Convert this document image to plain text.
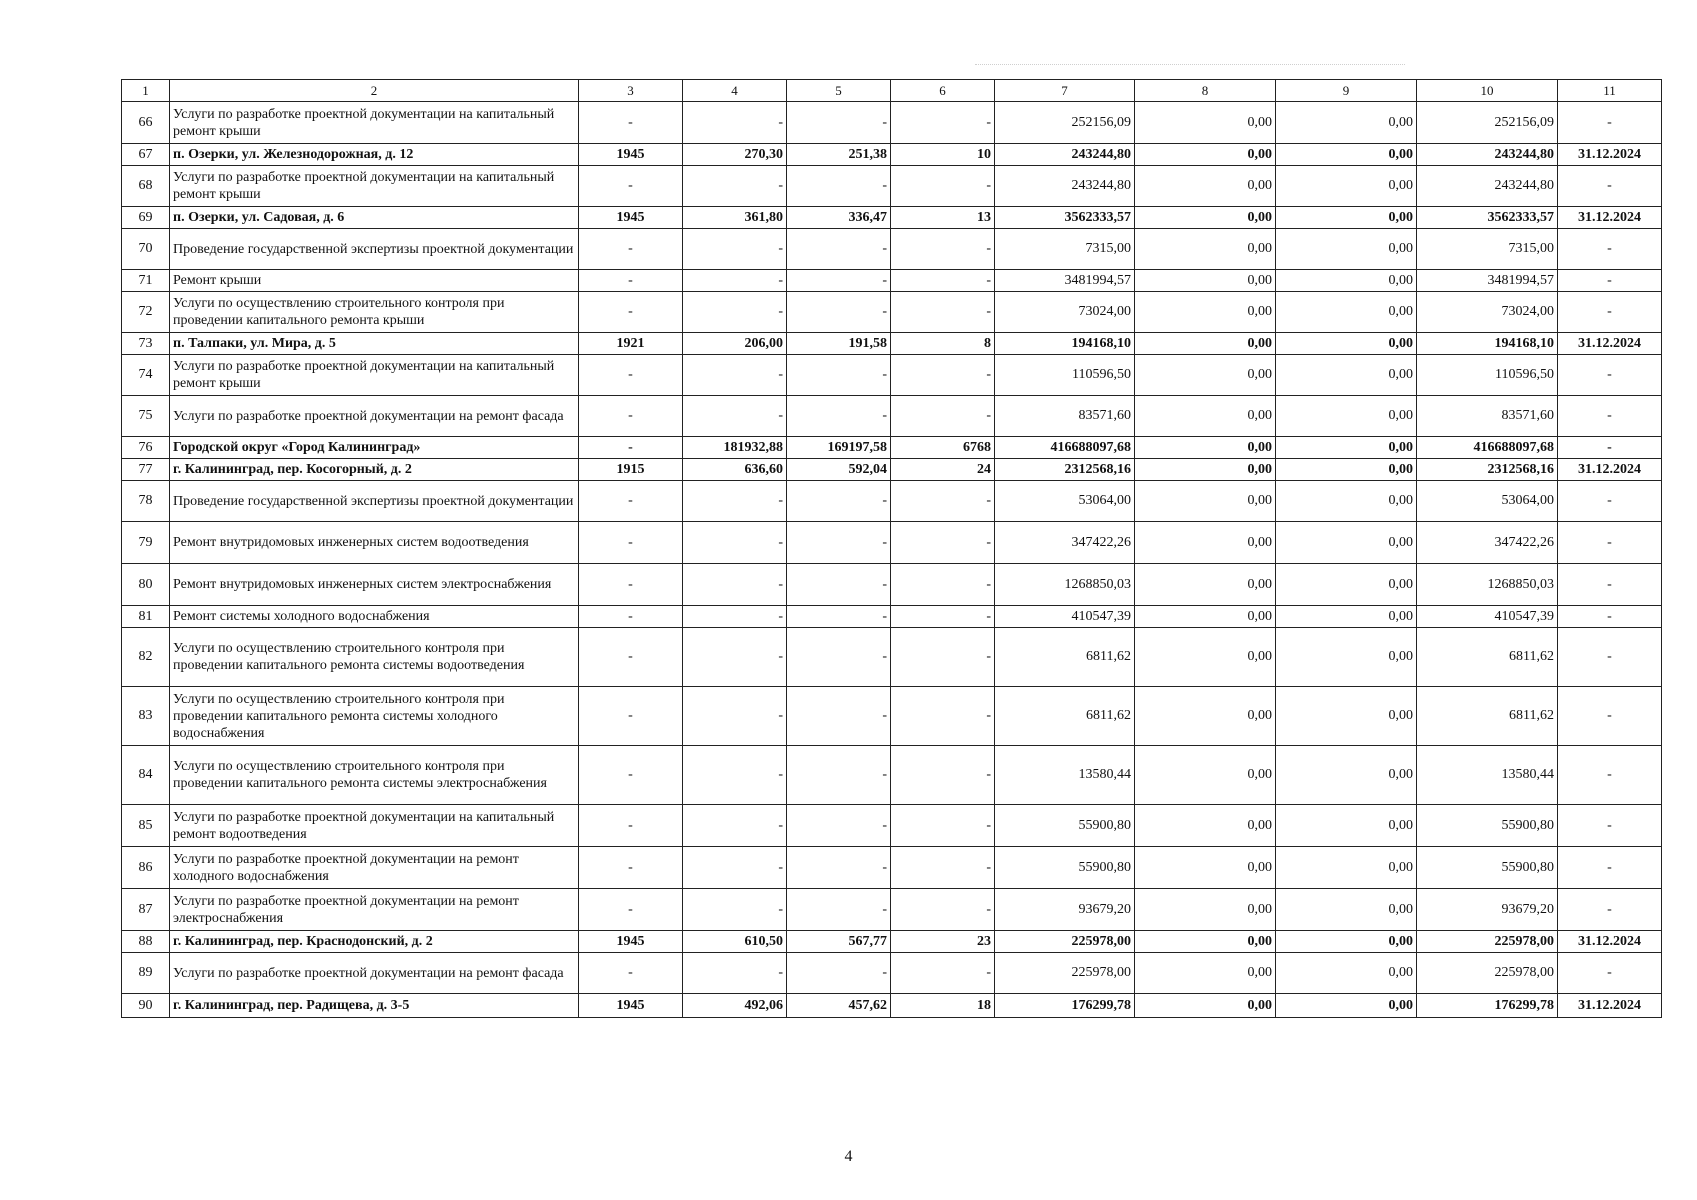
1	2	3	4	5	6	7	8	9	10	11
66	Услуги по разработке проектной документации на капитальный ремонт крыши	-	-	-	-	252156,09	0,00	0,00	252156,09	-
67	п. Озерки, ул. Железнодорожная, д. 12	1945	270,30	251,38	10	243244,80	0,00	0,00	243244,80	31.12.2024
68	Услуги по разработке проектной документации на капитальный ремонт крыши	-	-	-	-	243244,80	0,00	0,00	243244,80	-
69	п. Озерки, ул. Садовая, д. 6	1945	361,80	336,47	13	3562333,57	0,00	0,00	3562333,57	31.12.2024
70	Проведение государственной экспертизы проектной документации	-	-	-	-	7315,00	0,00	0,00	7315,00	-
71	Ремонт крыши	-	-	-	-	3481994,57	0,00	0,00	3481994,57	-
72	Услуги по осуществлению строительного контроля при проведении капитального ремонта крыши	-	-	-	-	73024,00	0,00	0,00	73024,00	-
73	п. Талпаки, ул. Мира, д. 5	1921	206,00	191,58	8	194168,10	0,00	0,00	194168,10	31.12.2024
74	Услуги по разработке проектной документации на капитальный ремонт крыши	-	-	-	-	110596,50	0,00	0,00	110596,50	-
75	Услуги по разработке проектной документации на ремонт фасада	-	-	-	-	83571,60	0,00	0,00	83571,60	-
76	Городской округ «Город Калининград»	-	181932,88	169197,58	6768	416688097,68	0,00	0,00	416688097,68	-
77	г. Калининград, пер. Косогорный, д. 2	1915	636,60	592,04	24	2312568,16	0,00	0,00	2312568,16	31.12.2024
78	Проведение государственной экспертизы проектной документации	-	-	-	-	53064,00	0,00	0,00	53064,00	-
79	Ремонт внутридомовых инженерных систем водоотведения	-	-	-	-	347422,26	0,00	0,00	347422,26	-
80	Ремонт внутридомовых инженерных систем электроснабжения	-	-	-	-	1268850,03	0,00	0,00	1268850,03	-
81	Ремонт системы холодного водоснабжения	-	-	-	-	410547,39	0,00	0,00	410547,39	-
82	Услуги по осуществлению строительного контроля при проведении капитального ремонта системы водоотведения	-	-	-	-	6811,62	0,00	0,00	6811,62	-
83	Услуги по осуществлению строительного контроля при проведении капитального ремонта системы холодного водоснабжения	-	-	-	-	6811,62	0,00	0,00	6811,62	-
84	Услуги по осуществлению строительного контроля при проведении капитального ремонта системы электроснабжения	-	-	-	-	13580,44	0,00	0,00	13580,44	-
85	Услуги по разработке проектной документации на капитальный ремонт водоотведения	-	-	-	-	55900,80	0,00	0,00	55900,80	-
86	Услуги по разработке проектной документации на ремонт холодного водоснабжения	-	-	-	-	55900,80	0,00	0,00	55900,80	-
87	Услуги по разработке проектной документации на ремонт электроснабжения	-	-	-	-	93679,20	0,00	0,00	93679,20	-
88	г. Калининград, пер. Краснодонский, д. 2	1945	610,50	567,77	23	225978,00	0,00	0,00	225978,00	31.12.2024
89	Услуги по разработке проектной документации на ремонт фасада	-	-	-	-	225978,00	0,00	0,00	225978,00	-
90	г. Калининград, пер. Радищева, д. 3-5	1945	492,06	457,62	18	176299,78	0,00	0,00	176299,78	31.12.2024
4
